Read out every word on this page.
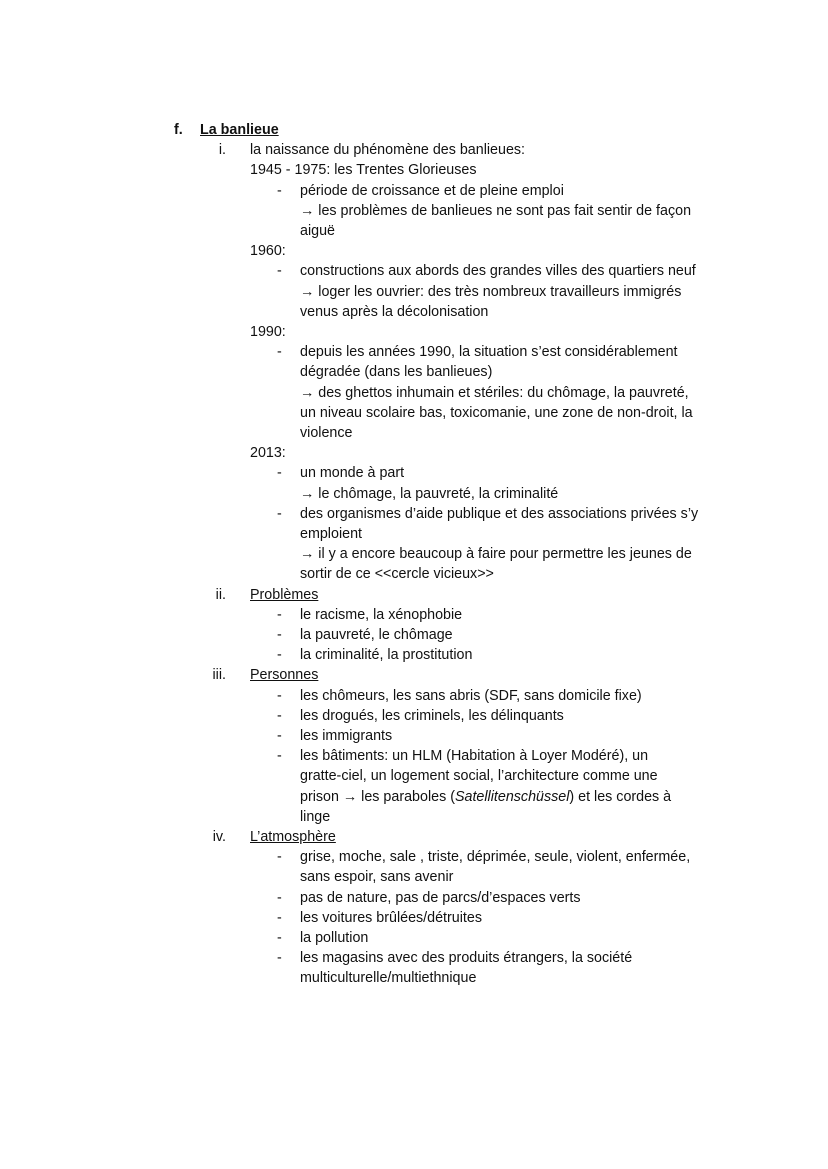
f. La banlieue
i. la naissance du phénomène des banlieues:
1945 - 1975: les Trentes Glorieuses
- période de croissance et de pleine emploi
→ les problèmes de banlieues ne sont pas fait sentir de façon
aiguë
1960:
- constructions aux abords des grandes villes des quartiers neuf
→ loger les ouvrier: des très nombreux travailleurs immigrés
venus après la décolonisation
1990:
- depuis les années 1990, la situation s’est considérablement
dégradée (dans les banlieues)
→ des ghettos inhumain et stériles: du chômage, la pauvreté,
un niveau scolaire bas, toxicomanie, une zone de non-droit, la
violence
2013:
- un monde à part
→ le chômage, la pauvreté, la criminalité
- des organismes d’aide publique et des associations privées s’y
emploient
→ il y a encore beaucoup à faire pour permettre les jeunes de
sortir de ce <<cercle vicieux>>
ii. Problèmes
- le racisme, la xénophobie
- la pauvreté, le chômage
- la criminalité, la prostitution
iii. Personnes
- les chômeurs, les sans abris (SDF, sans domicile fixe)
- les drogués, les criminels, les délinquants
- les immigrants
- les bâtiments: un HLM (Habitation à Loyer Modéré), un
gratte-ciel, un logement social, l’architecture comme une
prison → les paraboles (Satellitenschüssel) et les cordes à
linge
iv. L’atmosphère
- grise, moche, sale , triste, déprimée, seule, violent, enfermée,
sans espoir, sans avenir
- pas de nature, pas de parcs/d’espaces verts
- les voitures brûlées/détruites
- la pollution
- les magasins avec des produits étrangers, la société
multiculturelle/multiethnique
